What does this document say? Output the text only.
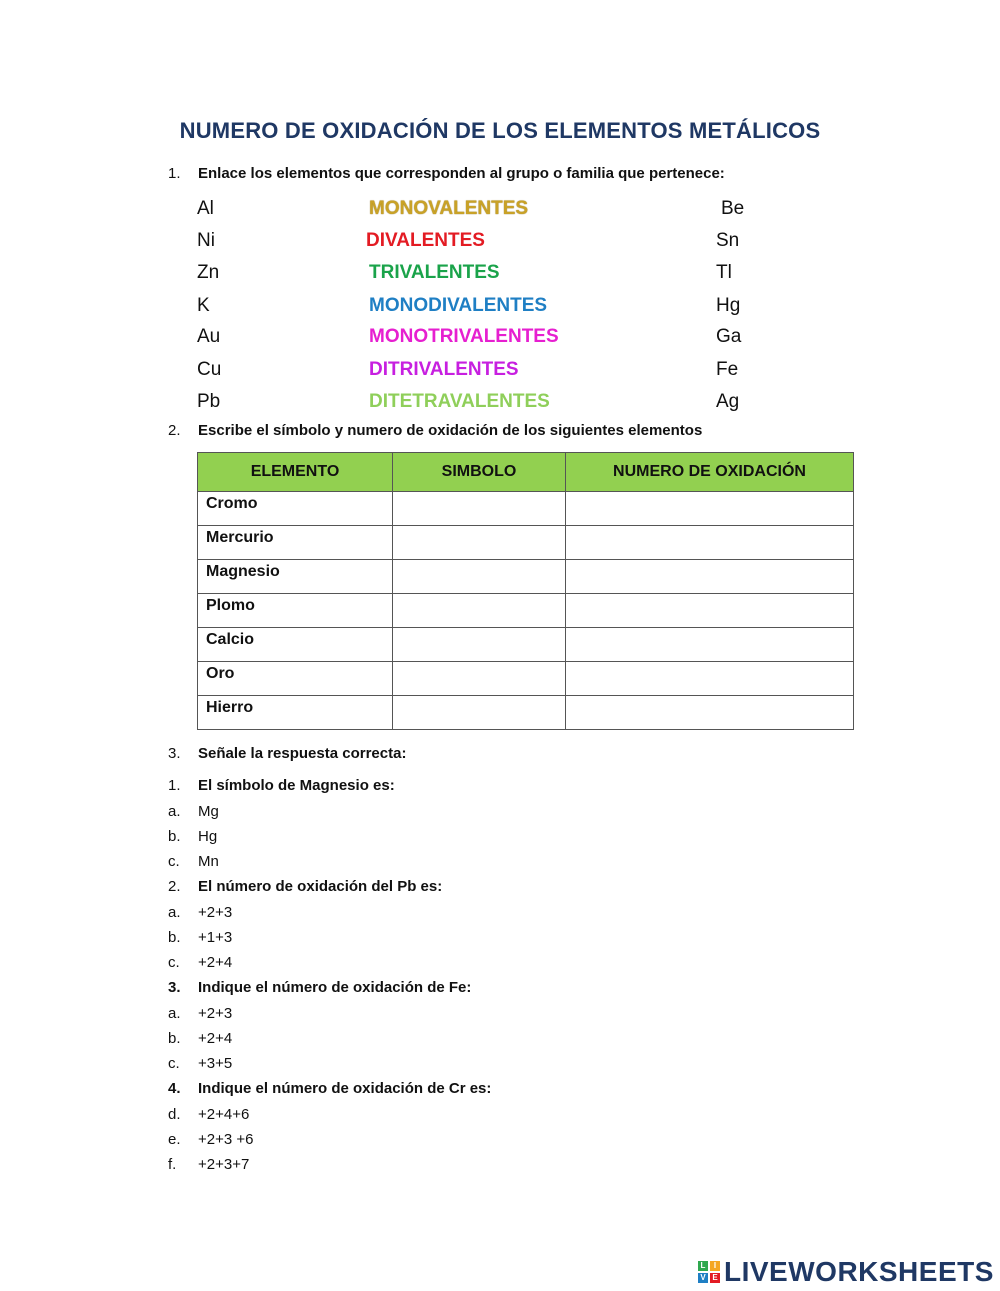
NUMERO DE OXIDACIÓN DE LOS ELEMENTOS METÁLICOS
1.	Enlace los elementos que corresponden al grupo o familia que pertenece:
Al	MONOVALENTES	Be
Ni	DIVALENTES	Sn
Zn	TRIVALENTES	Tl
K	MONODIVALENTES	Hg
Au	MONOTRIVALENTES	Ga
Cu	DITRIVALENTES	Fe
Pb	DITETRAVALENTES	Ag
2.	Escribe el símbolo y numero de oxidación de los siguientes elementos
ELEMENTO	SIMBOLO	NUMERO DE OXIDACIÓN
Cromo		
Mercurio		
Magnesio		
Plomo		
Calcio		
Oro		
Hierro		
3.	Señale la respuesta correcta:
1.	El símbolo de Magnesio es:
a.	Mg
b.	Hg
c.	Mn
2.	El número de oxidación del Pb es:
a.	+2+3
b.	+1+3
c.	+2+4
3.	Indique el número de oxidación de Fe:
a.	+2+3
b.	+2+4
c.	+3+5
4.	Indique el número de oxidación de Cr es:
d.	+2+4+6
e.	+2+3 +6
f.	+2+3+7
L	I
V E LIVEWORKSHEETS
